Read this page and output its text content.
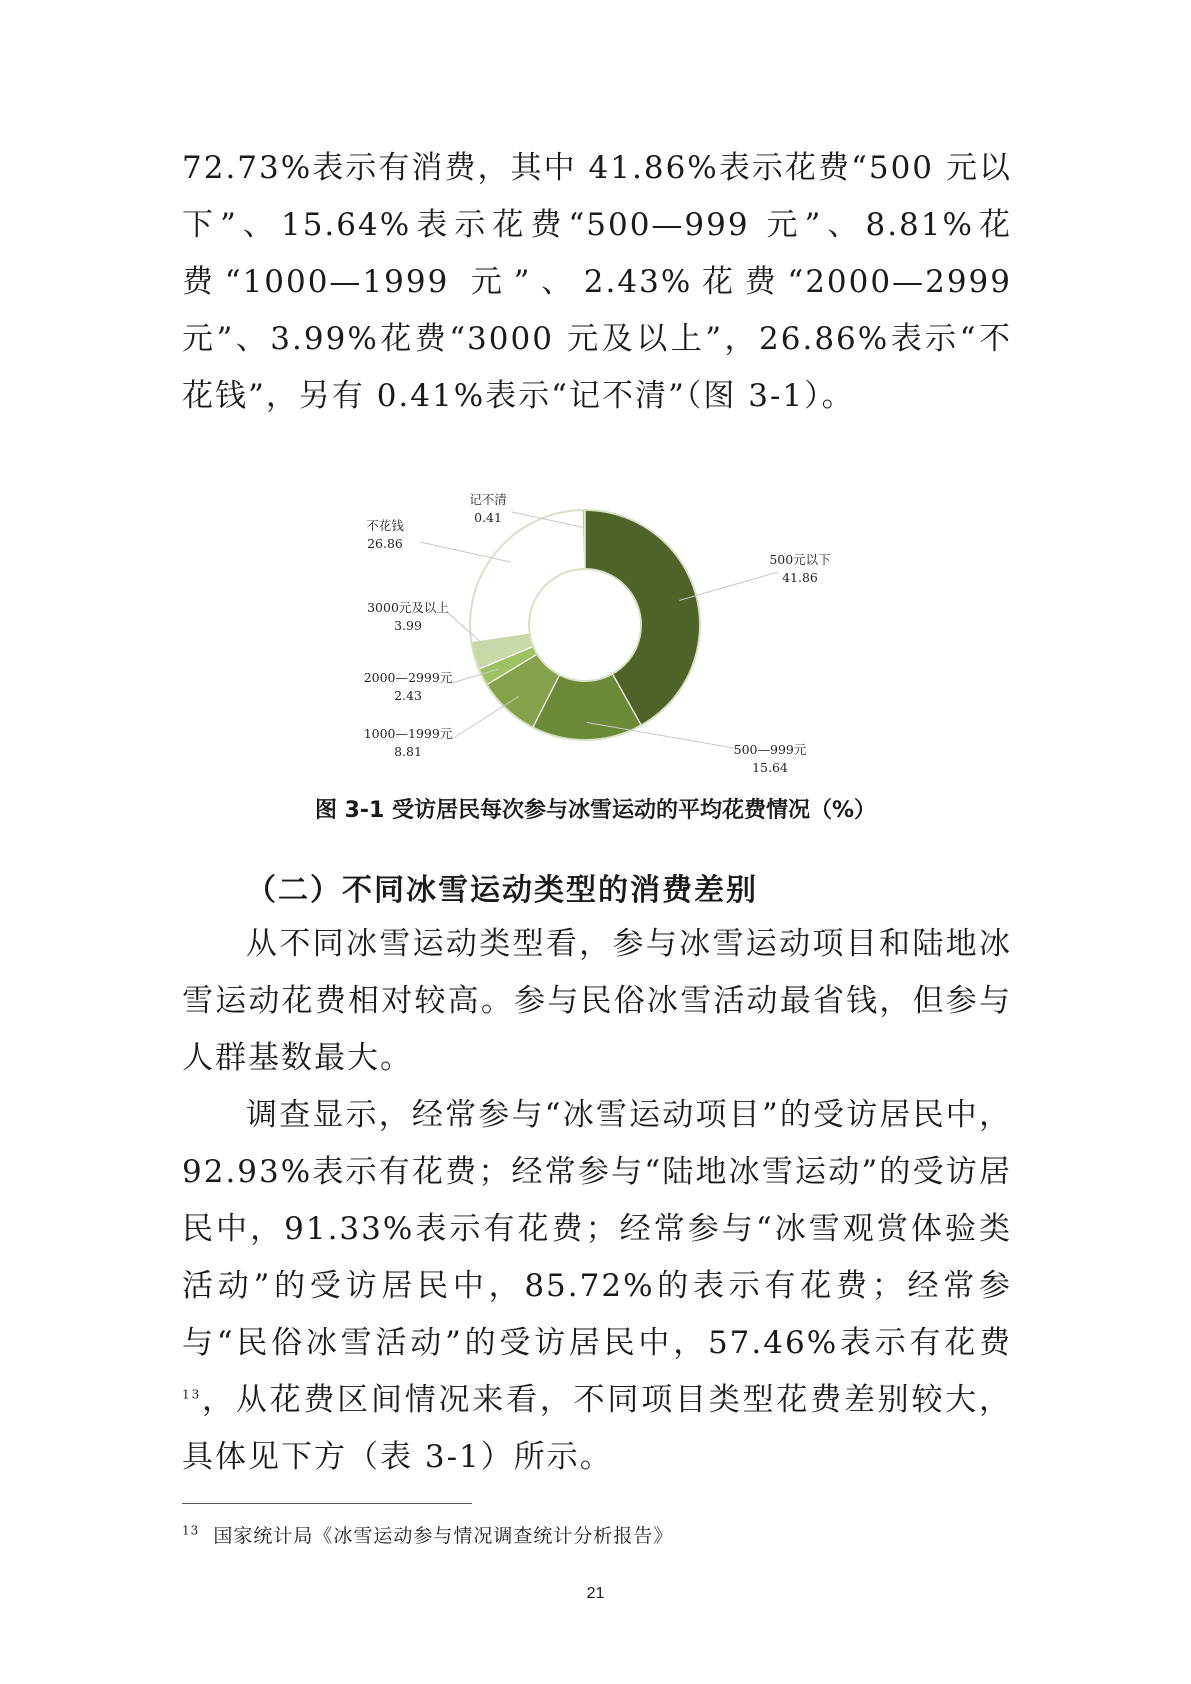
72.73%表示有消费，其中 41.86%表示花费“500 元以下”、15.64%表示花费“500—999 元”、8.81%花费“1000—1999 元”、2.43%花费“2000—2999 元”、3.99%花费“3000 元及以上”，26.86%表示“不花钱”，另有 0.41%表示“记不清”（图 3-1）。

500元以下
41.86
500—999元
15.64
1000—1999元
8.81
2000—2999元
2.43
3000元及以上
3.99
不花钱
26.86
记不清
0.41
图 3-1 受访居民每次参与冰雪运动的平均花费情况（%）
（二）不同冰雪运动类型的消费差别

从不同冰雪运动类型看，参与冰雪运动项目和陆地冰雪运动花费相对较高。参与民俗冰雪活动最省钱，但参与人群基数最大。

调查显示，经常参与“冰雪运动项目”的受访居民中，92.93%表示有花费；经常参与“陆地冰雪运动”的受访居民中，91.33%表示有花费；经常参与“冰雪观赏体验类活动”的受访居民中，85.72%的表示有花费；经常参与“民俗冰雪活动”的受访居民中，57.46%表示有花费$^{13}$，从花费区间情况来看，不同项目类型花费差别较大，具体见下方（表 3-1）所示。

$^{13}$ 国家统计局《冰雪运动参与情况调查统计分析报告》
21
